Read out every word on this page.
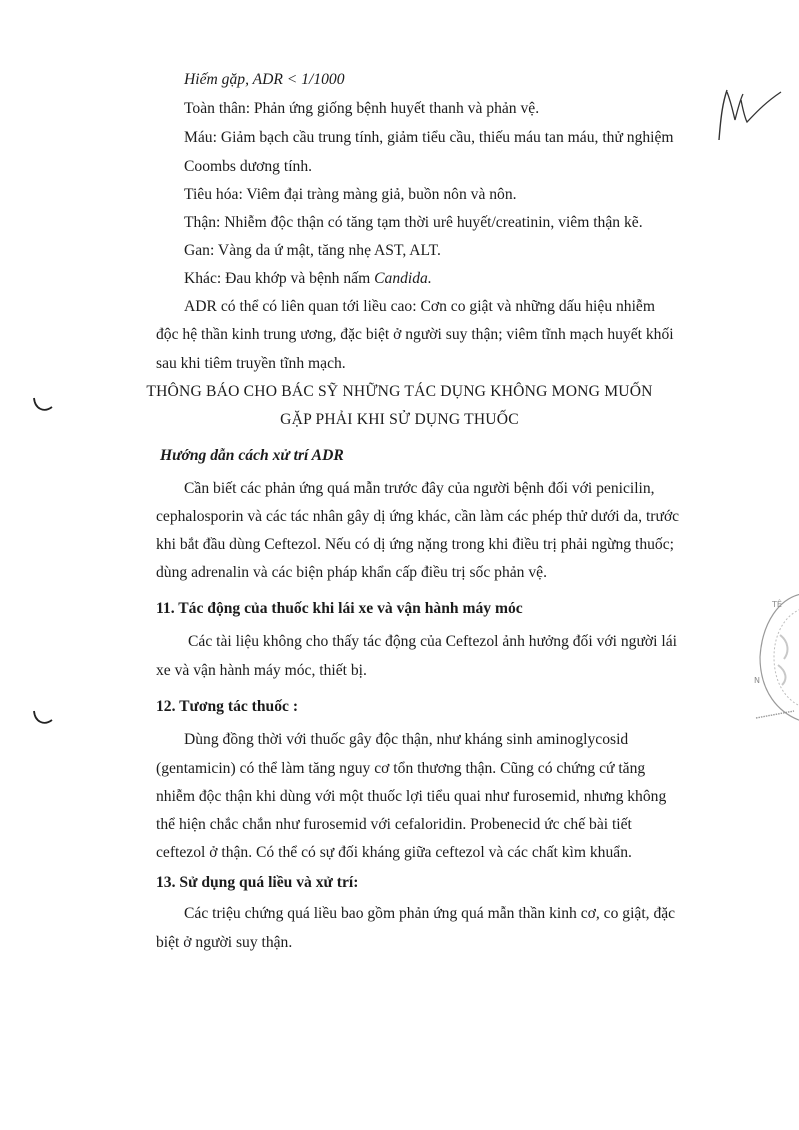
Hiếm gặp, ADR < 1/1000
Toàn thân: Phản ứng giống bệnh huyết thanh và phản vệ.
Máu: Giảm bạch cầu trung tính, giảm tiểu cầu, thiếu máu tan máu, thử nghiệm
Coombs dương tính.
Tiêu hóa: Viêm đại tràng màng giả, buồn nôn và nôn.
Thận: Nhiễm độc thận có tăng tạm thời urê huyết/creatinin, viêm thận kẽ.
Gan: Vàng da ứ mật, tăng nhẹ AST, ALT.
Khác: Đau khớp và bệnh nấm Candida.
ADR có thể có liên quan tới liều cao: Cơn co giật và những dấu hiệu nhiễm
độc hệ thần kinh trung ương, đặc biệt ở người suy thận; viêm tĩnh mạch huyết khối
sau khi tiêm truyền tĩnh mạch.
THÔNG BÁO CHO BÁC SỸ NHỮNG TÁC DỤNG KHÔNG MONG MUỐN
GẶP PHẢI KHI SỬ DỤNG THUỐC
Hướng dẫn cách xử trí ADR
Cần biết các phản ứng quá mẫn trước đây của người bệnh đối với penicilin,
cephalosporin và các tác nhân gây dị ứng khác, cần làm các phép thử dưới da, trước
khi bắt đầu dùng Ceftezol. Nếu có dị ứng nặng trong khi điều trị phải ngừng thuốc;
dùng adrenalin và các biện pháp khẩn cấp điều trị sốc phản vệ.
11. Tác động của thuốc khi lái xe và vận hành máy móc
Các tài liệu không cho thấy tác động của Ceftezol ảnh hưởng đối với người lái
xe và vận hành máy móc, thiết bị.
12. Tương tác thuốc :
Dùng đồng thời với thuốc gây độc thận, như kháng sinh aminoglycosid
(gentamicin) có thể làm tăng nguy cơ tổn thương thận. Cũng có chứng cứ tăng
nhiễm độc thận khi dùng với một thuốc lợi tiểu quai như furosemid, nhưng không
thể hiện chắc chắn như furosemid với cefaloridin. Probenecid ức chế bài tiết
ceftezol ở thận. Có thể có sự đối kháng giữa ceftezol và các chất kìm khuẩn.
13. Sử dụng quá liều và xử trí:
Các triệu chứng quá liều bao gồm phản ứng quá mẫn thần kinh cơ, co giật, đặc
biệt ở người suy thận.
TÊ
N
